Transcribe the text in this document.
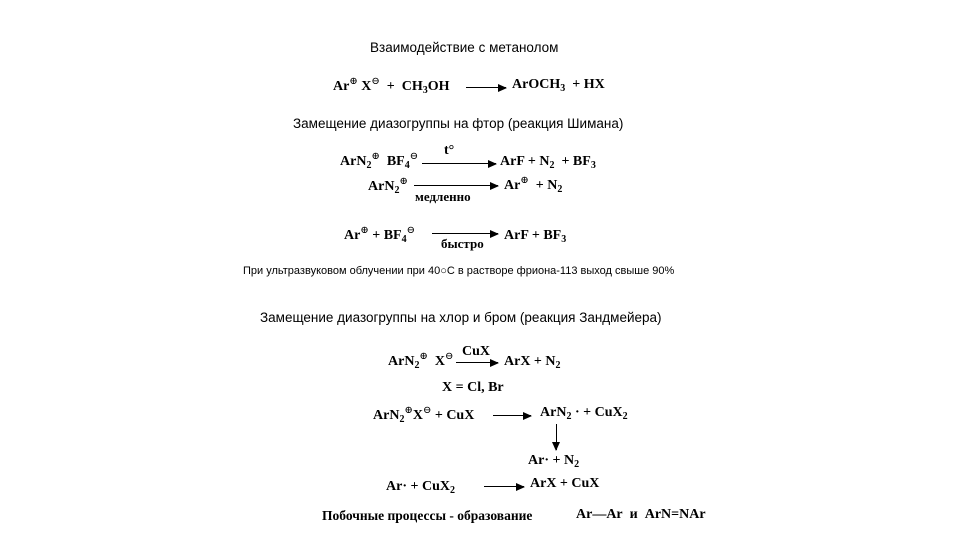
Взаимодействие с метанолом
Ar⊕ $X^⊖ + CH_3OH$ → ArOCH$_3$ + HX
Замещение диазогруппы на фтор (реакция Шимана)
ArN$_2$⊕ $BF_4^⊖$ t°
ArF + $N_2 + BF_3$
ArN$_2$⊕
медленно
$Ar^\oplus + N_2$
$Ar^\oplus + BF_4^⊖$
быстро
ArF + $BF_3$
При ультразвуковом облучении при 40○С в растворе фриона-113 выход свыше 90%
Замещение диазогруппы на хлор и бром (реакция Зандмейера)
ArN$_2$⊕ X⊖ CuX
→ ArX + $N_2$
X = Cl, Br
ArN$_2$⊕X⊖ + CuX → ArN$_2$ · + CuX$_2$
$Ar\cdot + N_2$
Ar· + CuX$_2$ → ArX + CuX
Побочные процессы - образование	Ar—Ar и ArN=NAr
